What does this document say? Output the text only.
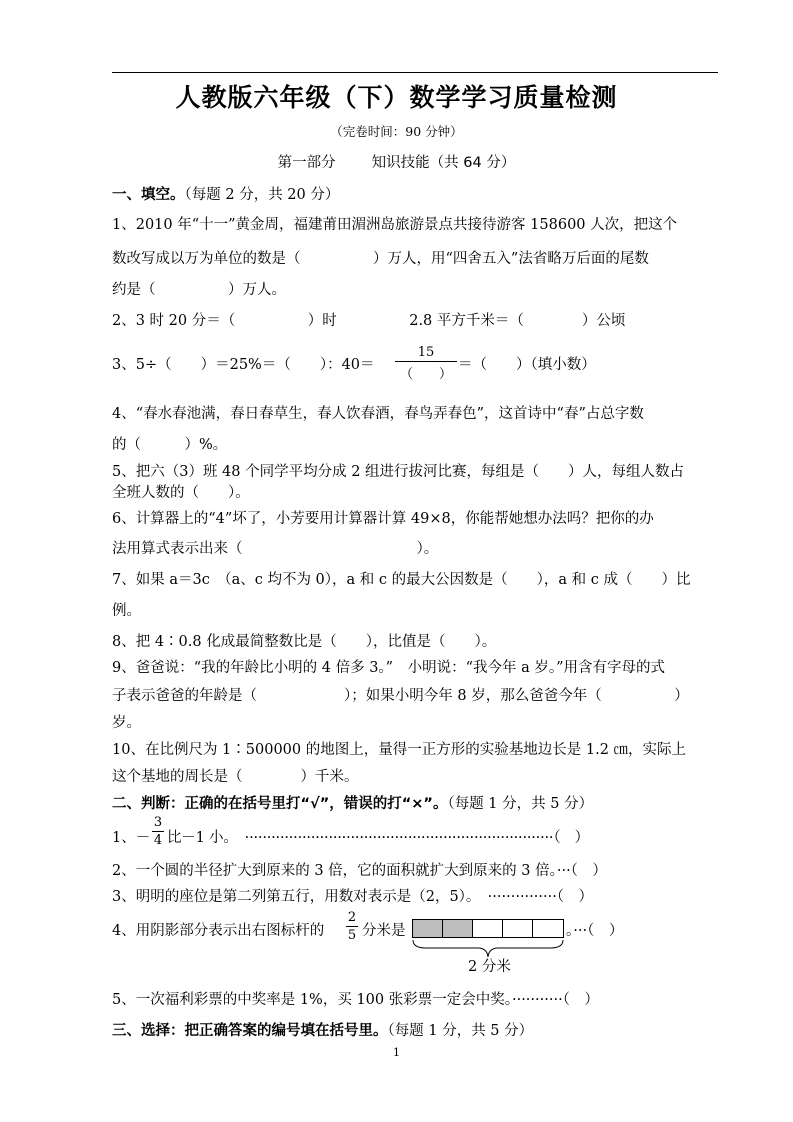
人教版六年级（下）数学学习质量检测
（完卷时间：90 分钟）
第一部分 知识技能（共 64 分）
一、填空。（每题 2 分，共 20 分）
1、2010 年“十一”黄金周，福建莆田湄洲岛旅游景点共接待游客 158600 人次，把这个
数改写成以万为单位的数是（　　　　　）万人，用“四舍五入”法省略万后面的尾数
约是（　　　　　）万人。
2、3 时 20 分＝（　　　　　）时　　　　　2.8 平方千米＝（　　　　）公顷
3、5÷（　　）＝25%＝（　　）：40＝
15
（　　）
＝（　　）（填小数）
4、“春水春池满，春日春草生，春人饮春酒，春鸟弄春色”，这首诗中“春”占总字数
的（　　　）%。
5、把六（3）班 48 个同学平均分成 2 组进行拔河比赛，每组是（　　）人，每组人数占
全班人数的（　　）。
6、计算器上的“4”坏了，小芳要用计算器计算 49×8，你能帮她想办法吗？把你的办
法用算式表示出来（　　　　　　　　　　　　）。
7、如果 a＝3c　（a、c 均不为 0），a 和 c 的最大公因数是（　　），a 和 c 成（　　）比
例。
8、把 4∶0.8 化成最简整数比是（　　），比值是（　　）。
9、爸爸说：“我的年龄比小明的 4 倍多 3。”　小明说：“我今年 a 岁。”用含有字母的式
子表示爸爸的年龄是（　　　　　　）；如果小明今年 8 岁，那么爸爸今年（　　　　　）
岁。
10、在比例尺为 1∶500000 的地图上，量得一正方形的实验基地边长是 1.2 ㎝，实际上
这个基地的周长是（　　　　）千米。
二、判断：正确的在括号里打“√”，错误的打“×”。（每题 1 分，共 5 分）
1、－
3
4 比－1 小。　······································································（　）
2、一个圆的半径扩大到原来的 3 倍，它的面积就扩大到原来的 3 倍。···（　）
3、明明的座位是第二列第五行，用数对表示是（2，5）。　···············（　）
4、用阴影部分表示出右图标杆的
2
5 分米是	。···（　）
2 分米
5、一次福利彩票的中奖率是 1%，买 100 张彩票一定会中奖。···········（　）
三、选择：把正确答案的编号填在括号里。（每题 1 分，共 5 分）
1
